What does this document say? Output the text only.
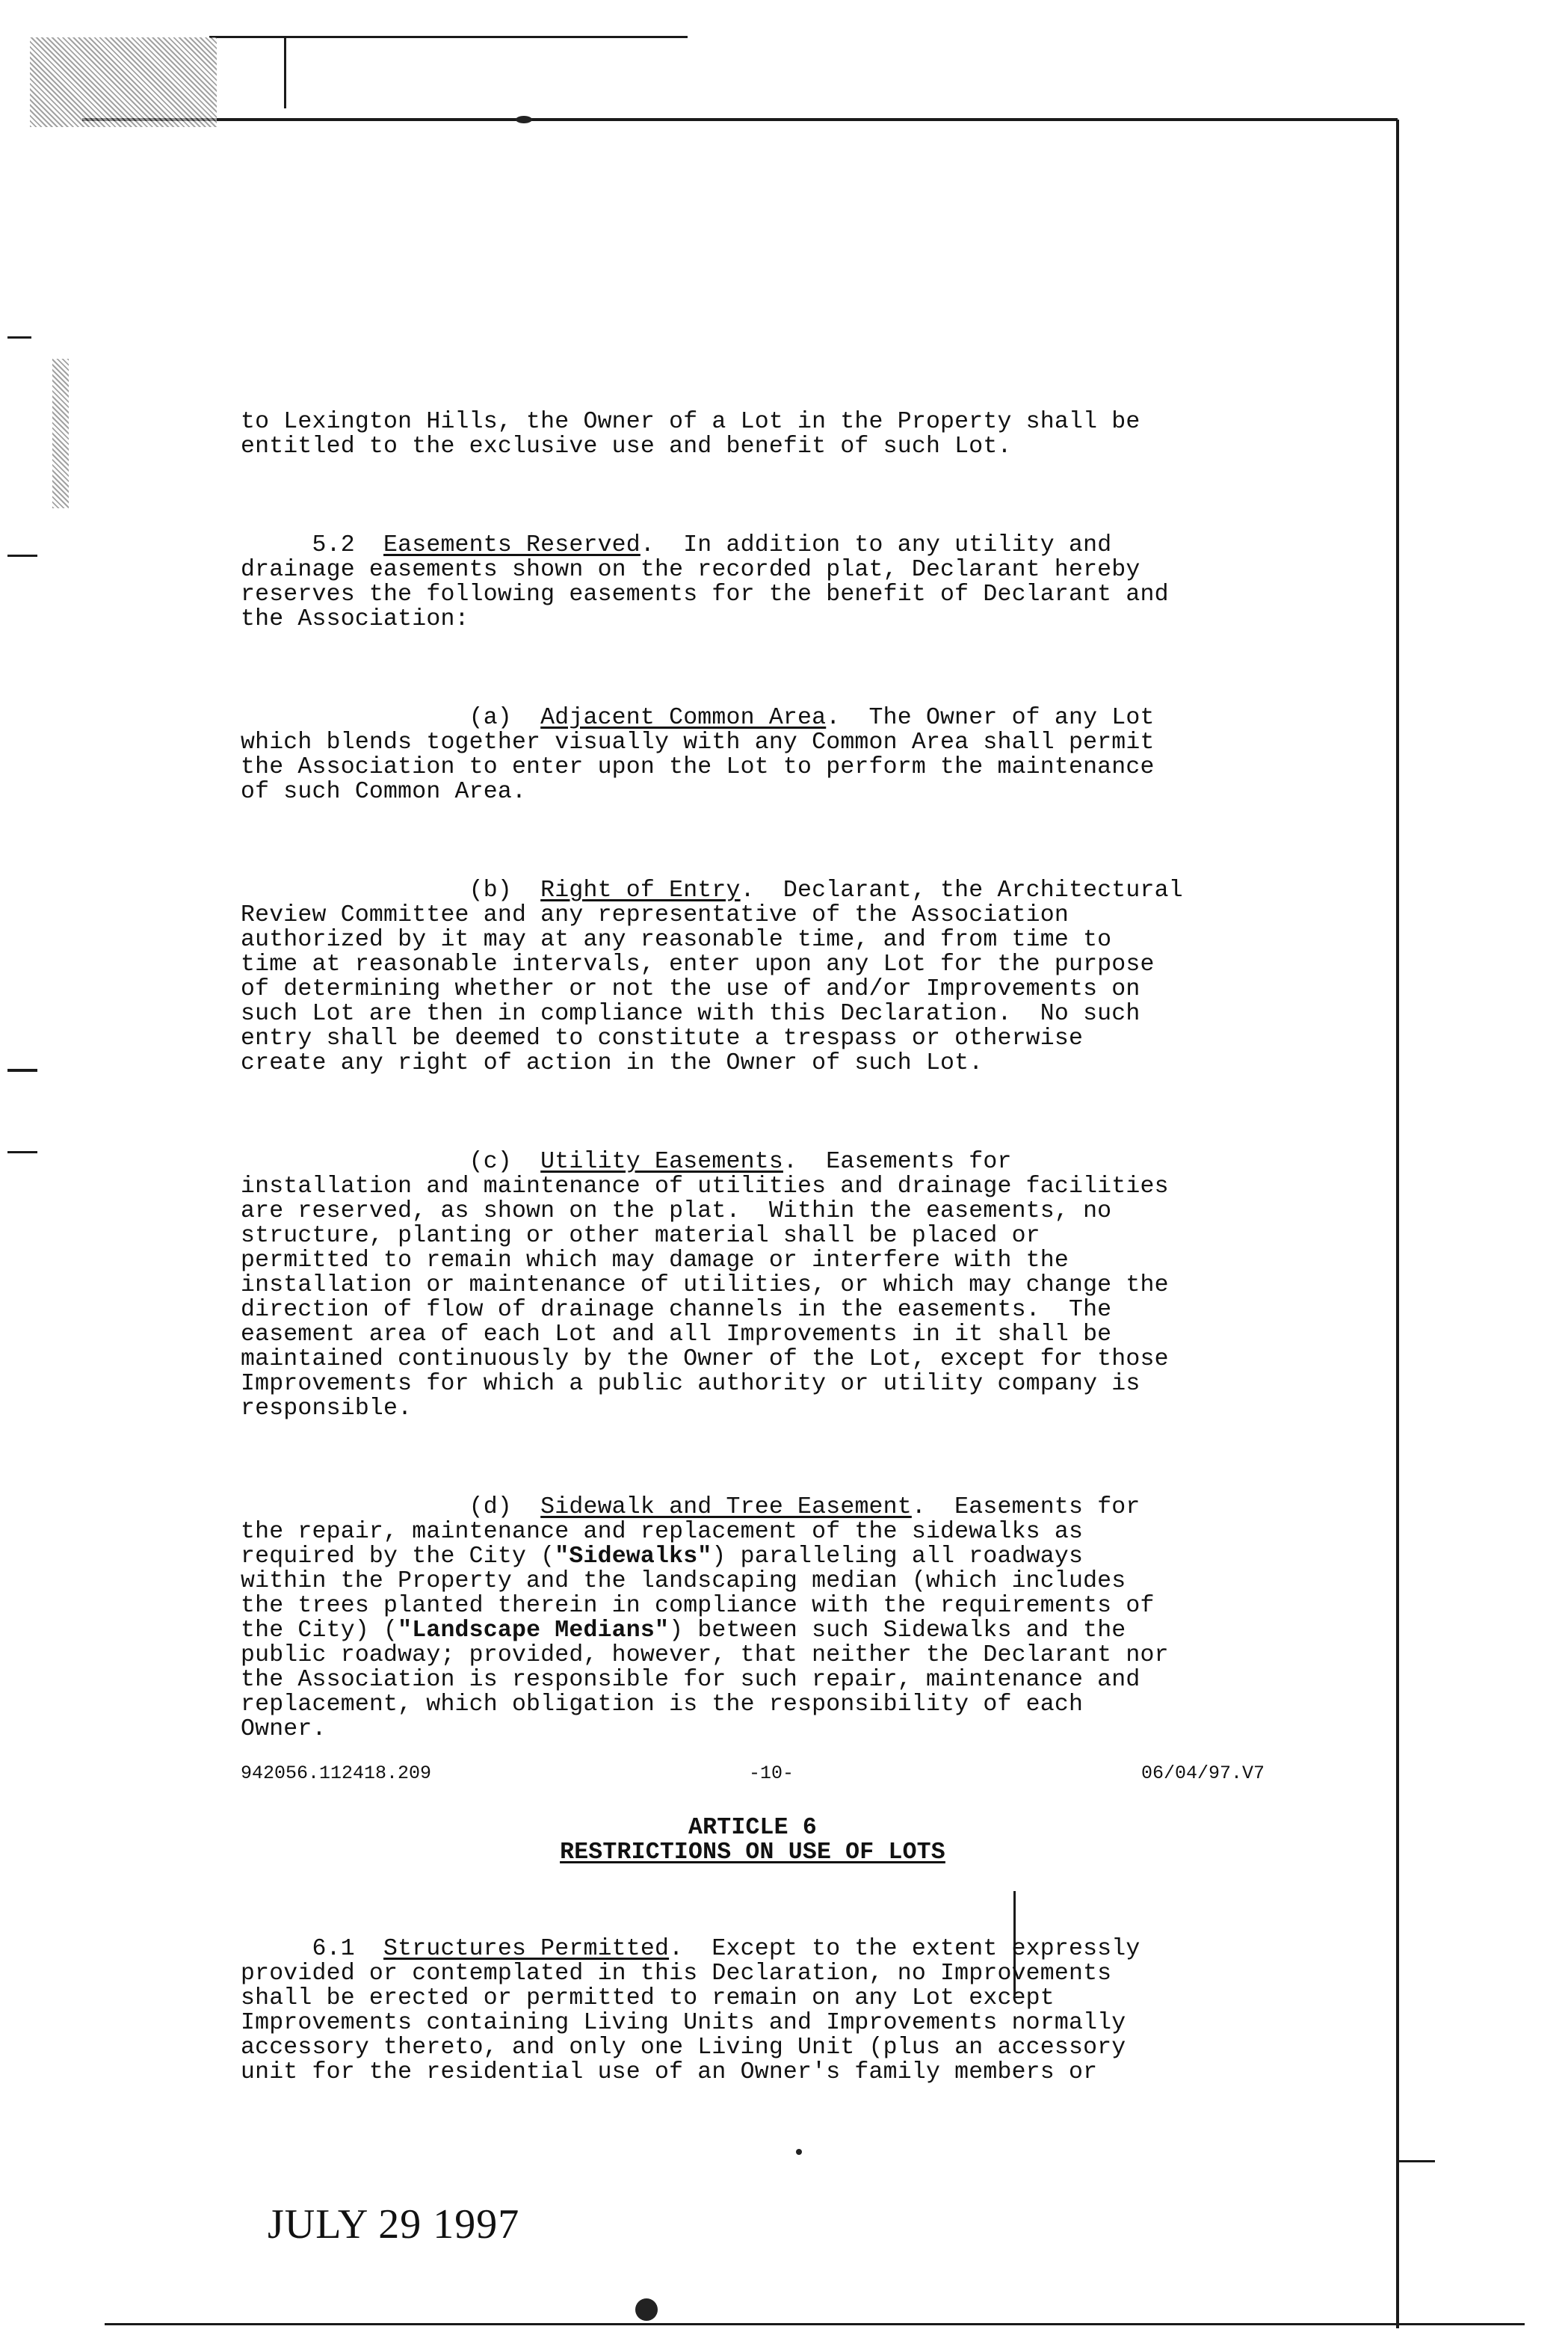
to Lexington Hills, the Owner of a Lot in the Property shall be
entitled to the exclusive use and benefit of such Lot.

5.2  Easements Reserved.  In addition to any utility and
drainage easements shown on the recorded plat, Declarant hereby
reserves the following easements for the benefit of Declarant and
the Association:

(a)  Adjacent Common Area.  The Owner of any Lot
which blends together visually with any Common Area shall permit
the Association to enter upon the Lot to perform the maintenance
of such Common Area.

(b)  Right of Entry.  Declarant, the Architectural
Review Committee and any representative of the Association
authorized by it may at any reasonable time, and from time to
time at reasonable intervals, enter upon any Lot for the purpose
of determining whether or not the use of and/or Improvements on
such Lot are then in compliance with this Declaration.  No such
entry shall be deemed to constitute a trespass or otherwise
create any right of action in the Owner of such Lot.

(c)  Utility Easements.  Easements for
installation and maintenance of utilities and drainage facilities
are reserved, as shown on the plat.  Within the easements, no
structure, planting or other material shall be placed or
permitted to remain which may damage or interfere with the
installation or maintenance of utilities, or which may change the
direction of flow of drainage channels in the easements.  The
easement area of each Lot and all Improvements in it shall be
maintained continuously by the Owner of the Lot, except for those
Improvements for which a public authority or utility company is
responsible.

(d)  Sidewalk and Tree Easement.  Easements for
the repair, maintenance and replacement of the sidewalks as
required by the City ("Sidewalks") paralleling all roadways
within the Property and the landscaping median (which includes
the trees planted therein in compliance with the requirements of
the City) ("Landscape Medians") between such Sidewalks and the
public roadway; provided, however, that neither the Declarant nor
the Association is responsible for such repair, maintenance and
replacement, which obligation is the responsibility of each
Owner.

ARTICLE 6
RESTRICTIONS ON USE OF LOTS

6.1  Structures Permitted.  Except to the extent expressly
provided or contemplated in this Declaration, no Improvements
shall be erected or permitted to remain on any Lot except
Improvements containing Living Units and Improvements normally
accessory thereto, and only one Living Unit (plus an accessory
unit for the residential use of an Owner's family members or

942056.112418.209	-10-	06/04/97.V7
JULY 29 1997
